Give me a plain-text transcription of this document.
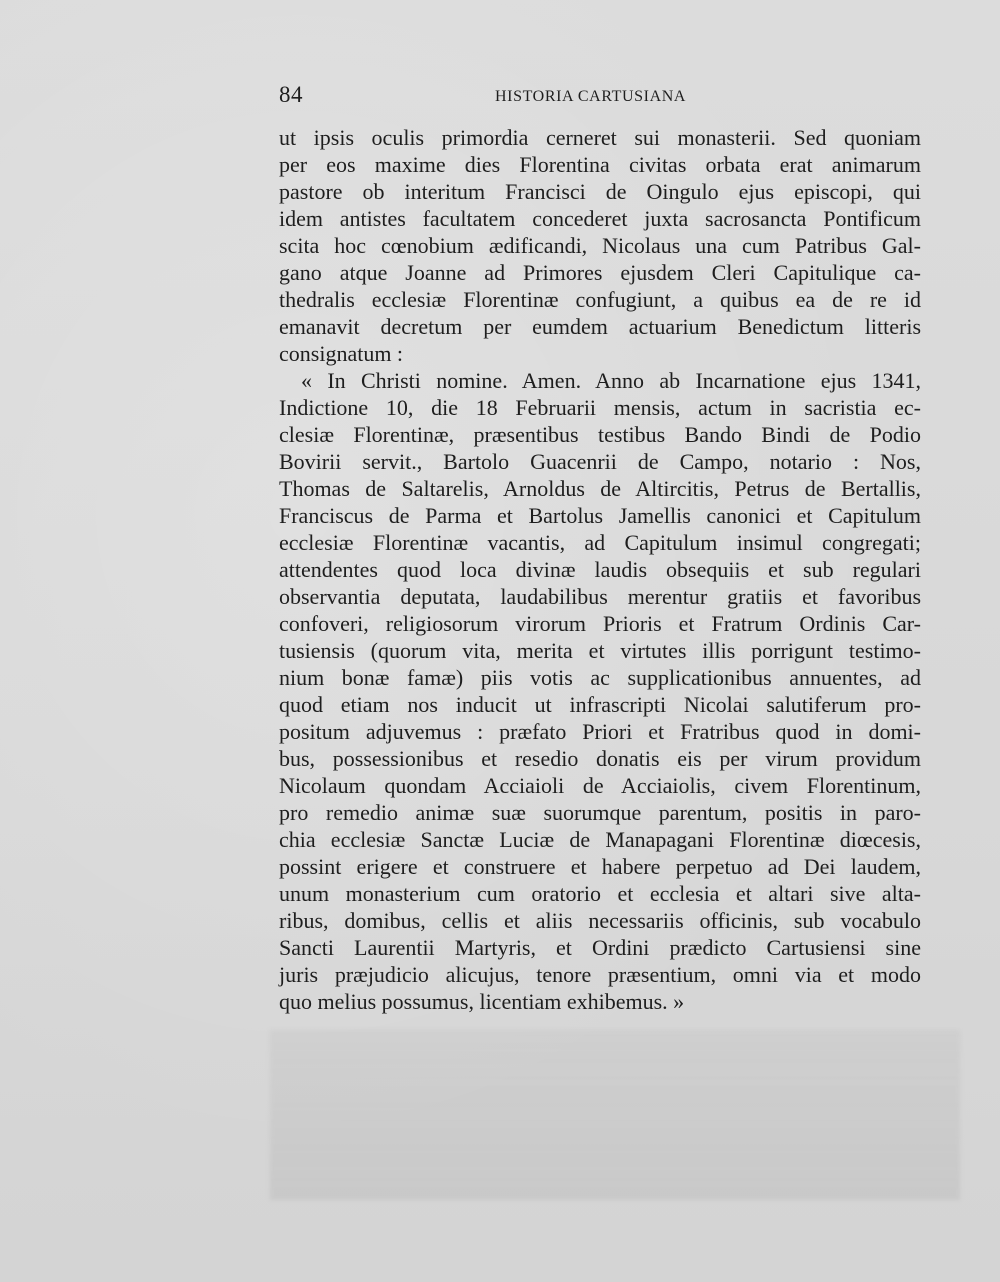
84	HISTORIA CARTUSIANA
ut ipsis oculis primordia cerneret sui monasterii. Sed quoniam
per eos maxime dies Florentina civitas orbata erat animarum
pastore ob interitum Francisci de Oingulo ejus episcopi, qui
idem antistes facultatem concederet juxta sacrosancta Pontificum
scita hoc cœnobium ædificandi, Nicolaus una cum Patribus Gal-
gano atque Joanne ad Primores ejusdem Cleri Capitulique ca-
thedralis ecclesiæ Florentinæ confugiunt, a quibus ea de re id
emanavit decretum per eumdem actuarium Benedictum litteris
consignatum :
« In Christi nomine. Amen. Anno ab Incarnatione ejus 1341,
Indictione 10, die 18 Februarii mensis, actum in sacristia ec-
clesiæ Florentinæ, præsentibus testibus Bando Bindi de Podio
Bovirii servit., Bartolo Guacenrii de Campo, notario : Nos,
Thomas de Saltarelis, Arnoldus de Altircitis, Petrus de Bertallis,
Franciscus de Parma et Bartolus Jamellis canonici et Capitulum
ecclesiæ Florentinæ vacantis, ad Capitulum insimul congregati;
attendentes quod loca divinæ laudis obsequiis et sub regulari
observantia deputata, laudabilibus merentur gratiis et favoribus
confoveri, religiosorum virorum Prioris et Fratrum Ordinis Car-
tusiensis (quorum vita, merita et virtutes illis porrigunt testimo-
nium bonæ famæ) piis votis ac supplicationibus annuentes, ad
quod etiam nos inducit ut infrascripti Nicolai salutiferum pro-
positum adjuvemus : præfato Priori et Fratribus quod in domi-
bus, possessionibus et resedio donatis eis per virum providum
Nicolaum quondam Acciaioli de Acciaiolis, civem Florentinum,
pro remedio animæ suæ suorumque parentum, positis in paro-
chia ecclesiæ Sanctæ Luciæ de Manapagani Florentinæ diœcesis,
possint erigere et construere et habere perpetuo ad Dei laudem,
unum monasterium cum oratorio et ecclesia et altari sive alta-
ribus, domibus, cellis et aliis necessariis officinis, sub vocabulo
Sancti Laurentii Martyris, et Ordini prædicto Cartusiensi sine
juris præjudicio alicujus, tenore præsentium, omni via et modo
quo melius possumus, licentiam exhibemus. »
